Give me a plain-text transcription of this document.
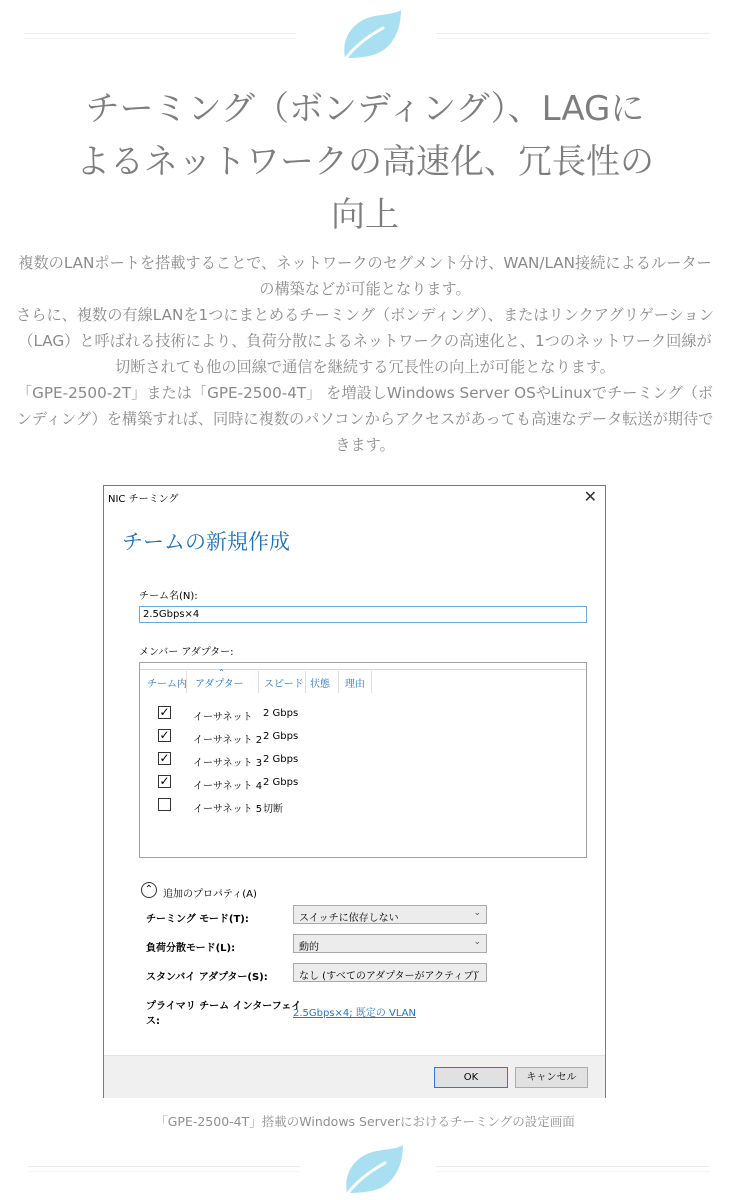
チーミング（ボンディング）、LAGに
よるネットワークの高速化、冗長性の
向上

複数のLANポートを搭載することで、ネットワークのセグメント分け、WAN/LAN接続によるルーターの構築などが可能となります。

さらに、複数の有線LANを1つにまとめるチーミング（ボンディング）、またはリンクアグリゲーション（LAG）と呼ばれる技術により、負荷分散によるネットワークの高速化と、1つのネットワーク回線が切断されても他の回線で通信を継続する冗長性の向上が可能となります。

「GPE-2500-2T」または「GPE-2500-4T」 を増設しWindows Server OSやLinuxでチーミング（ボンディング）を構築すれば、同時に複数のパソコンからアクセスがあっても高速なデータ転送が期待できます。

NIC チーミング	✕
チームの新規作成
チーム名(N):
2.5Gbps×4
メンバー アダプター:
⌃
チーム内 アダプター スピード 状態 理由
✓ イーサネット 2 Gbps
✓ イーサネット 2 2 Gbps
✓ イーサネット 3 2 Gbps
✓ イーサネット 4 2 Gbps
イーサネット 5 切断
⌃ 追加のプロパティ(A)
チーミング モード(T):	スイッチに依存しない	⌄
負荷分散モード(L):	動的	⌄
スタンバイ アダプター(S):	なし (すべてのアダプターがアクティブ)
⌄
プライマリ チーム インターフェイ
ス:
2.5Gbps×4; 既定の VLAN
OK	キャンセル
「GPE-2500-4T」搭載のWindows Serverにおけるチーミングの設定画面
